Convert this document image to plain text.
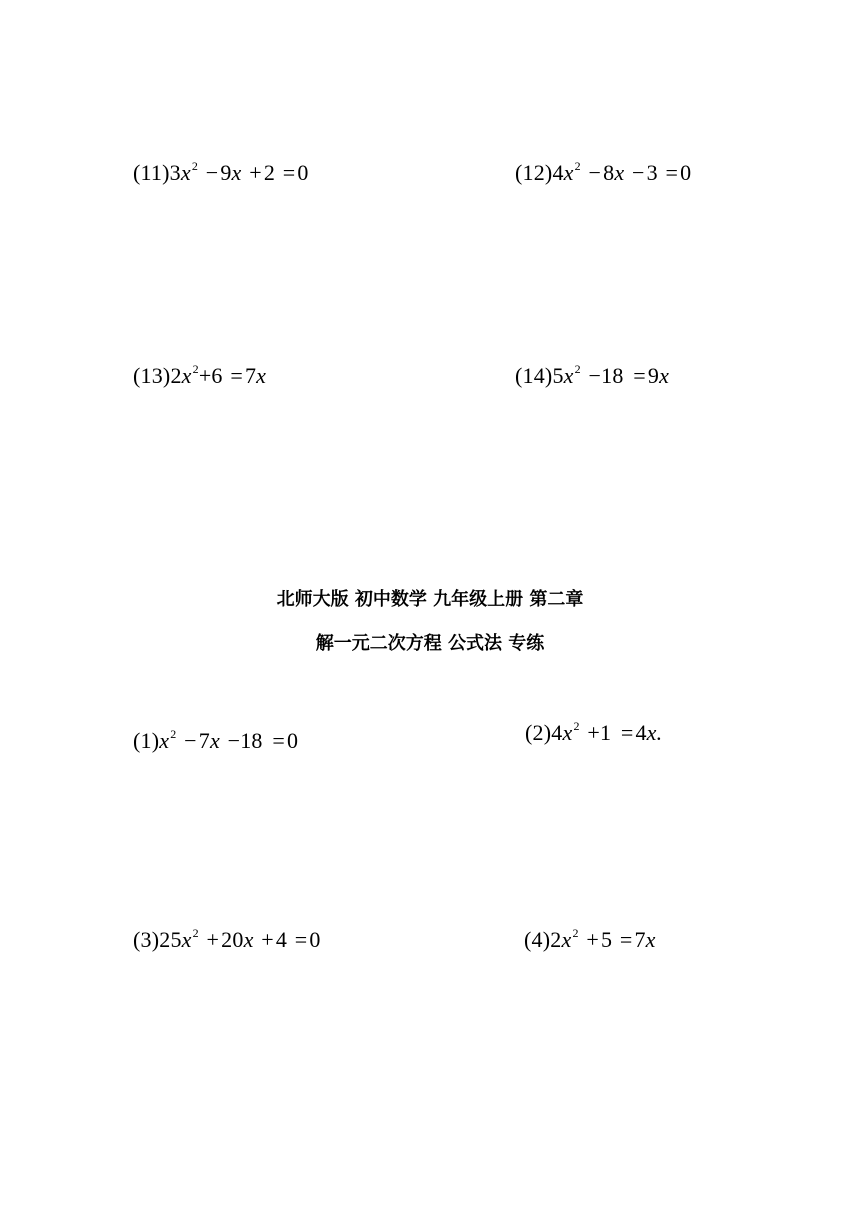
$(11)3x^2 -9x +2 =0$	$(12)4x^2 -8x -3 =0$
$(13)2x^2+6 =7x$	$(14)5x^2 -18 =9x$
北师大版 初中数学 九年级上册 第二章
解一元二次方程 公式法 专练
$(1)x^2 -7x -18 =0$	$(2)4x^2 +1 =4x$.
$(3)25x^2 +20x +4 =0$	$(4)2x^2 +5 =7x$
